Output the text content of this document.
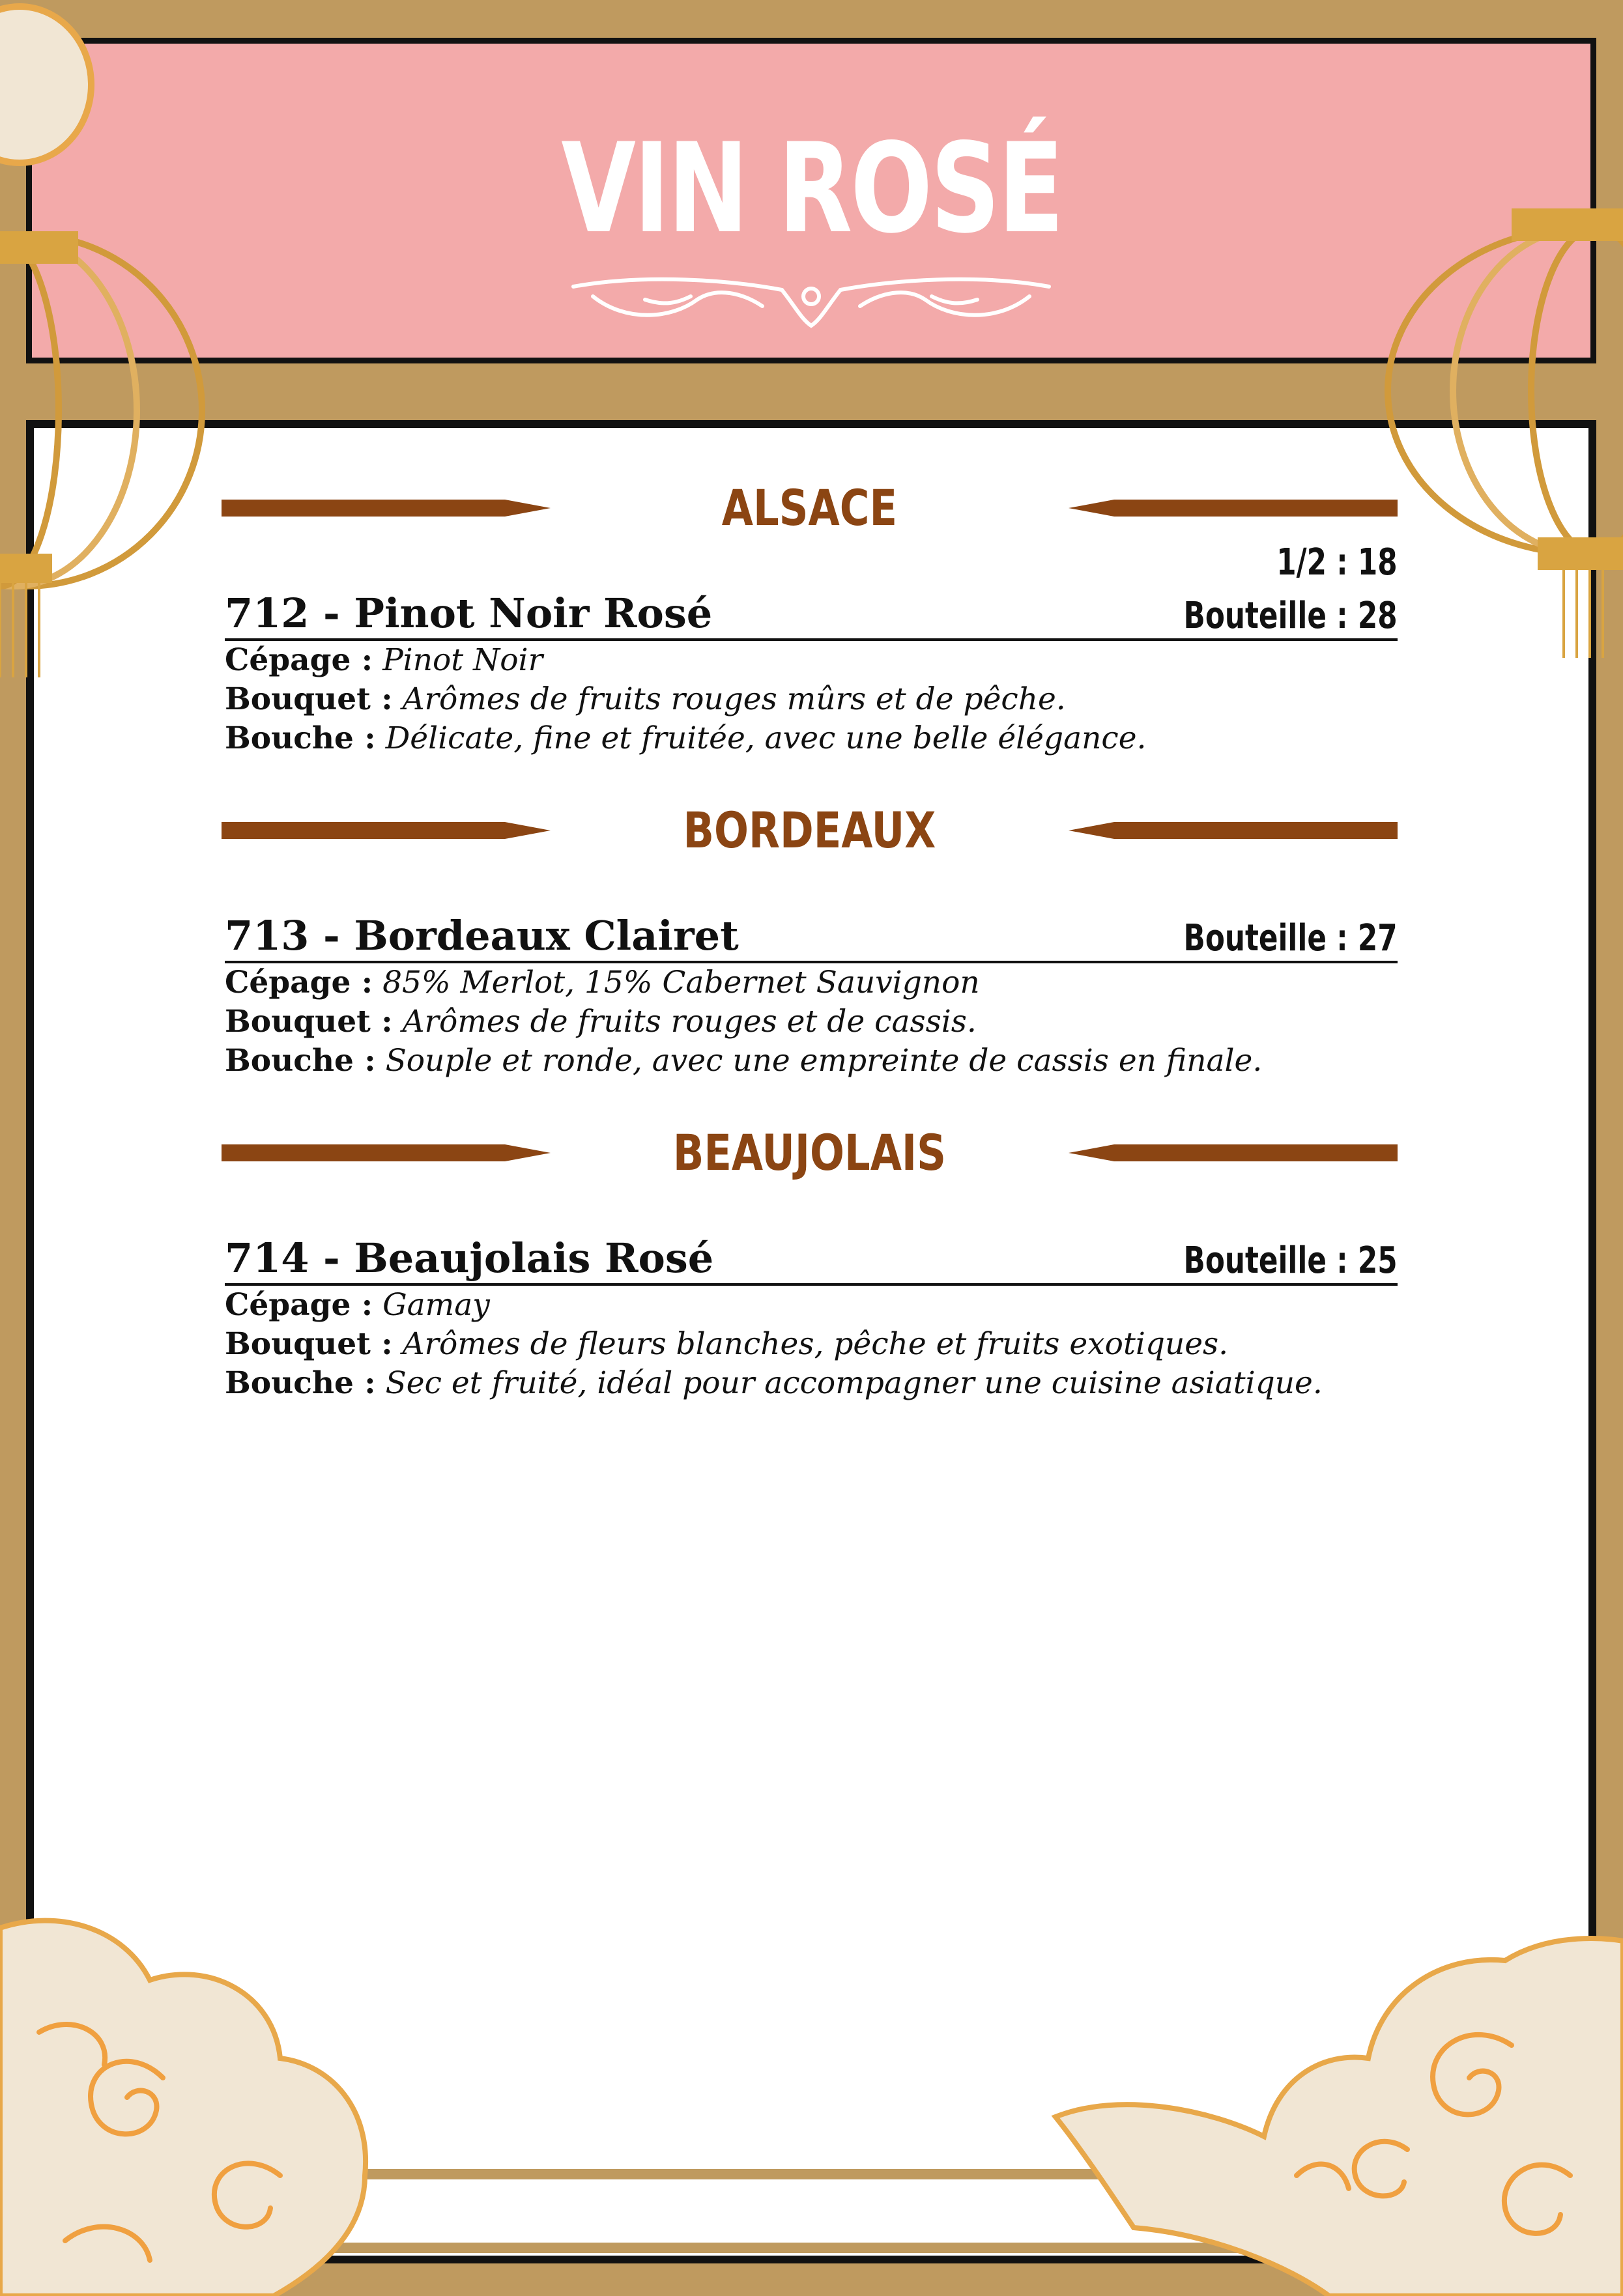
VIN ROSÉ
ALSACE
712 - Pinot Noir Rosé
1/2 : 18
Bouteille : 28
Cépage : Pinot Noir
Bouquet : Arômes de fruits rouges mûrs et de pêche.
Bouche : Délicate, fine et fruitée, avec une belle élégance.
BORDEAUX
713 - Bordeaux Clairet	Bouteille : 27
Cépage : 85% Merlot, 15% Cabernet Sauvignon
Bouquet : Arômes de fruits rouges et de cassis.
Bouche : Souple et ronde, avec une empreinte de cassis en finale.
BEAUJOLAIS
714 - Beaujolais Rosé	Bouteille : 25
Cépage : Gamay
Bouquet : Arômes de fleurs blanches, pêche et fruits exotiques.
Bouche : Sec et fruité, idéal pour accompagner une cuisine asiatique.
